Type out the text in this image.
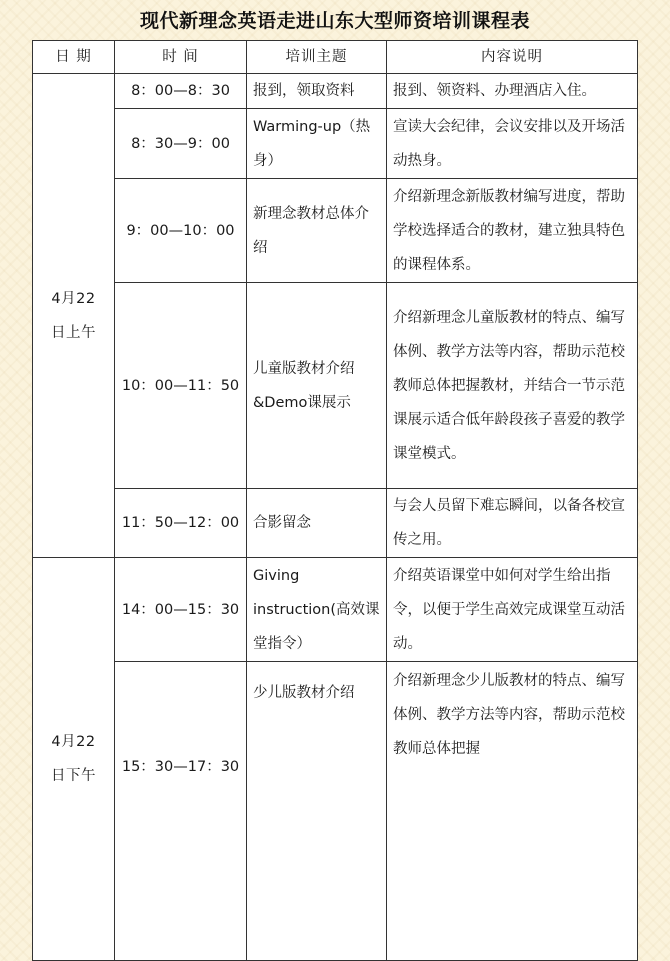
现代新理念英语走进山东大型师资培训课程表
日 期	时 间	培训主题	内容说明
4月22日上午	8：00—8：30	报到，领取资料	报到、领资料、办理酒店入住。
	8：30—9：00	Warming-up（热身）	宣读大会纪律，会议安排以及开场活动热身。
	9：00—10：00	新理念教材总体介绍	介绍新理念新版教材编写进度，帮助学校选择适合的教材，建立独具特色的课程体系。
	10：00—11：50	儿童版教材介绍&Demo课展示	介绍新理念儿童版教材的特点、编写体例、教学方法等内容，帮助示范校教师总体把握教材，并结合一节示范课展示适合低年龄段孩子喜爱的教学课堂模式。
	11：50—12：00	合影留念	与会人员留下难忘瞬间，以备各校宣传之用。
4月22日下午	14：00—15：30	Giving instruction(高效课堂指令）	介绍英语课堂中如何对学生给出指令，以便于学生高效完成课堂互动活动。
	15：30—17：30	少儿版教材介绍	介绍新理念少儿版教材的特点、编写体例、教学方法等内容，帮助示范校教师总体把握
